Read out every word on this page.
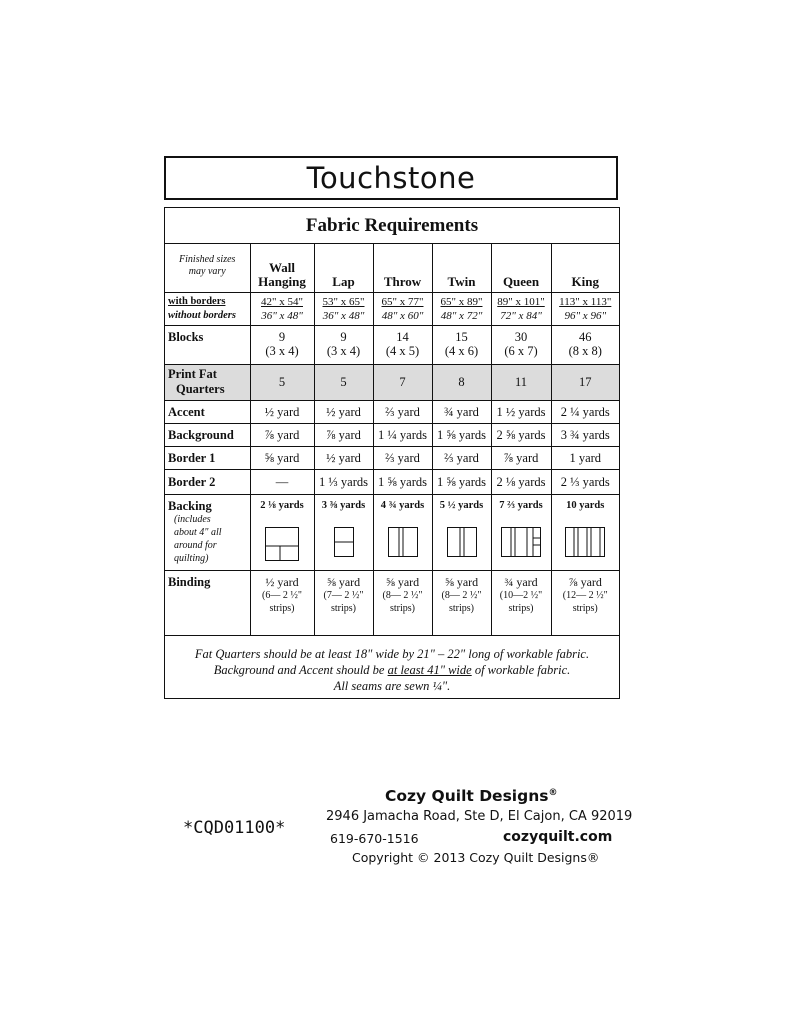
Touchstone
Fabric Requirements
Finished sizes
may vary	Wall
Hanging	Lap	Throw	Twin	Queen	King
with borders
without borders	42" x 54"
36" x 48"	53" x 65"
36" x 48"	65" x 77"
48" x 60"	65" x 89"
48" x 72"	89" x 101"
72" x 84"	113" x 113"
96" x 96"
Blocks	9
(3 x 4)	9
(3 x 4)	14
(4 x 5)	15
(4 x 6)	30
(6 x 7)	46
(8 x 8)
Print Fat
Quarters	5	5	7	8	11	17
Accent	½ yard	½ yard	⅔ yard	¾ yard	1 ½ yards	2 ¼ yards
Background	⅞ yard	⅞ yard	1 ¼ yards	1 ⅝ yards	2 ⅝ yards	3 ¾ yards
Border 1	⅝ yard	½ yard	⅔ yard	⅔ yard	⅞ yard	1 yard
Border 2	—	1 ⅓ yards	1 ⅝ yards	1 ⅝ yards	2 ⅛ yards	2 ⅓ yards
Backing
(includes
about 4" all
around for
quilting)	2 ⅛ yards	3 ⅜ yards	4 ¾ yards	5 ½ yards	7 ⅔ yards	10 yards

Binding	½ yard
(6— 2 ½"
strips)	⅝ yard
(7— 2 ½"
strips)	⅝ yard
(8— 2 ½"
strips)	⅝ yard
(8— 2 ½"
strips)	¾ yard
(10—2 ½"
strips)	⅞ yard
(12— 2 ½"
strips)
Fat Quarters should be at least 18" wide by 21" – 22" long of workable fabric.
Background and Accent should be at least 41" wide of workable fabric.
All seams are sewn ¼".
*CQD01100*
Cozy Quilt Designs®
2946 Jamacha Road, Ste D, El Cajon, CA 92019
619-670-1516	cozyquilt.com
Copyright © 2013 Cozy Quilt Designs®
